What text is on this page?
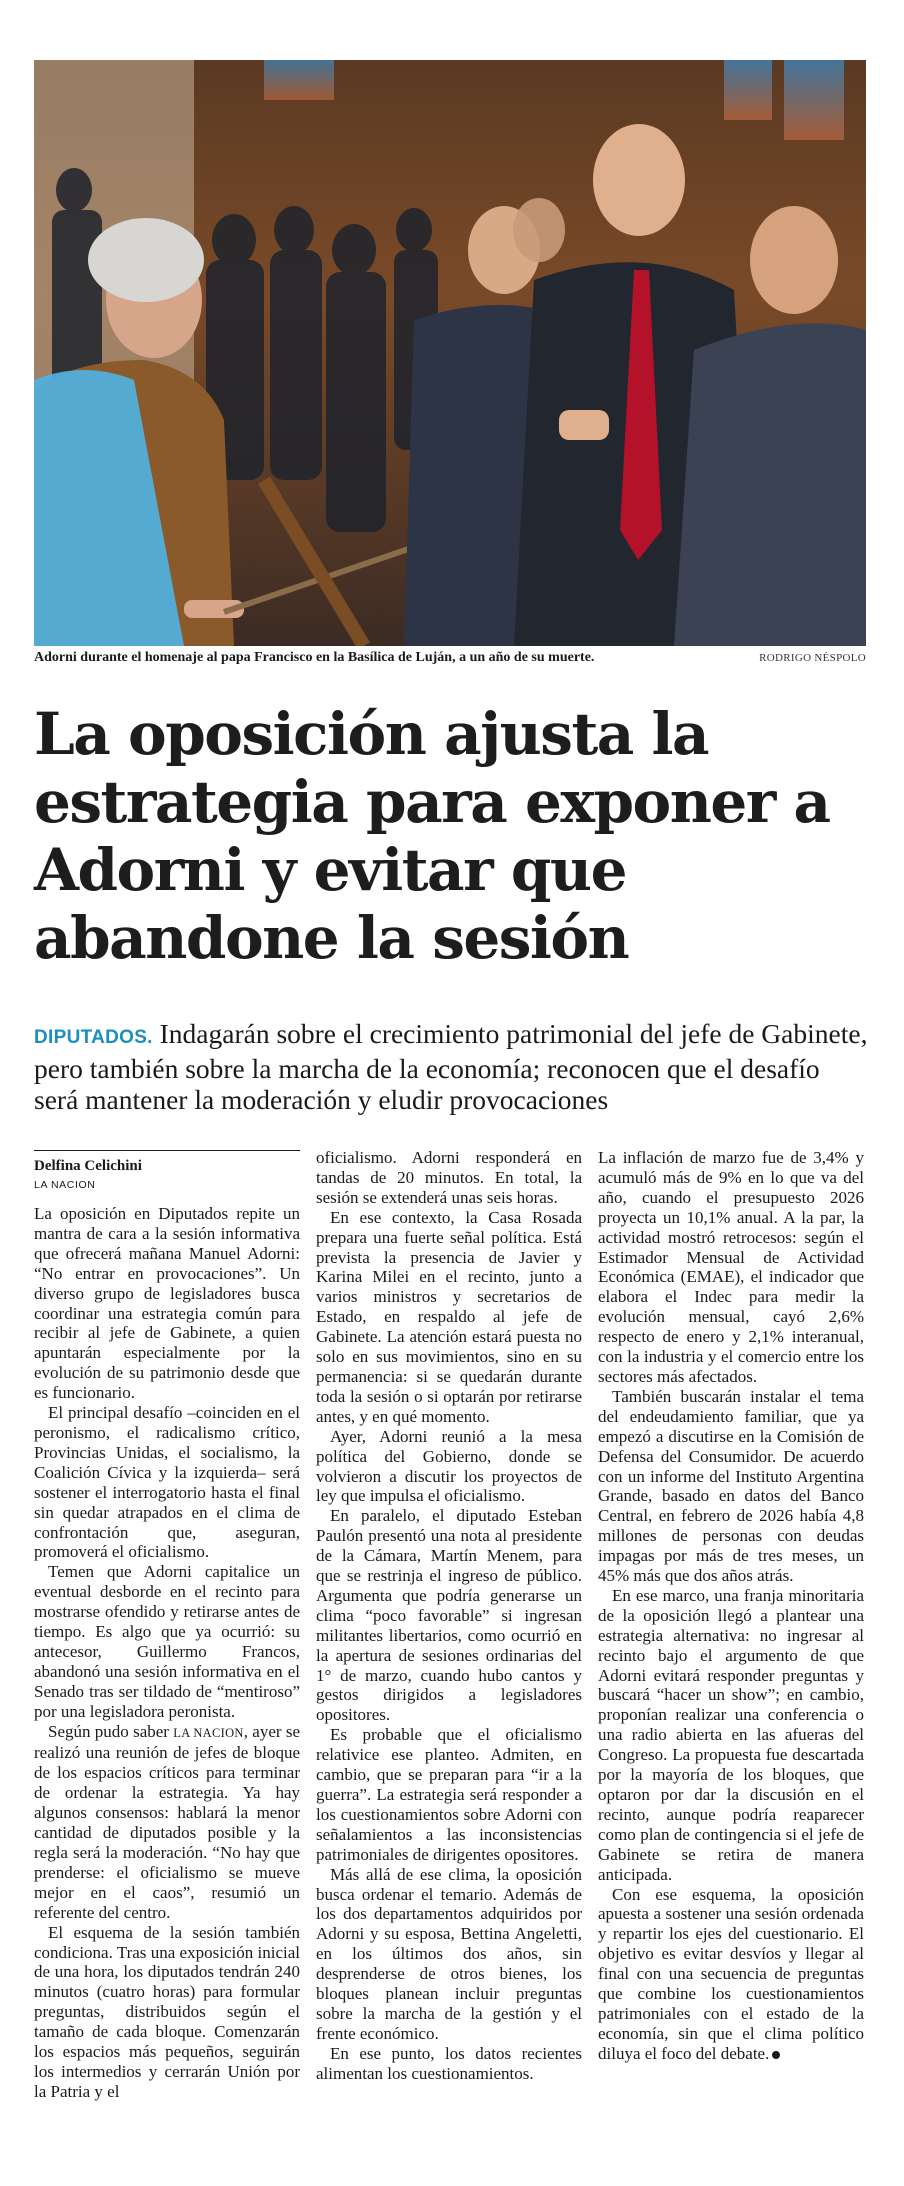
Adorni durante el homenaje al papa Francisco en la Basílica de Luján, a un año de su muerte.	RODRIGO NÉSPOLO
La oposición ajusta la estrategia para exponer a Adorni y evitar que abandone la sesión

DIPUTADOS. Indagarán sobre el crecimiento patrimonial del jefe de Gabinete, pero también sobre la marcha de la economía; reconocen que el desafío será mantener la moderación y eludir provocaciones

Delfina Celichini
LA NACION

La oposición en Diputados repite un mantra de cara a la sesión informativa que ofrecerá mañana Manuel Adorni: “No entrar en provocaciones”. Un diverso grupo de legisladores busca coordinar una estrategia común para recibir al jefe de Gabinete, a quien apuntarán especialmente por la evolución de su patrimonio desde que es funcionario.

El principal desafío –coinciden en el peronismo, el radicalismo crítico, Provincias Unidas, el socialismo, la Coalición Cívica y la izquierda– será sostener el interrogatorio hasta el final sin quedar atrapados en el clima de confrontación que, aseguran, promoverá el oficialismo.

Temen que Adorni capitalice un eventual desborde en el recinto para mostrarse ofendido y retirarse antes de tiempo. Es algo que ya ocurrió: su antecesor, Guillermo Francos, abandonó una sesión informativa en el Senado tras ser tildado de “mentiroso” por una legisladora peronista.

Según pudo saber LA NACION, ayer se realizó una reunión de jefes de bloque de los espacios críticos para terminar de ordenar la estrategia. Ya hay algunos consensos: hablará la menor cantidad de diputados posible y la regla será la moderación. “No hay que prenderse: el oficialismo se mueve mejor en el caos”, resumió un referente del centro.

El esquema de la sesión también condiciona. Tras una exposición inicial de una hora, los diputados tendrán 240 minutos (cuatro horas) para formular preguntas, distribuidos según el tamaño de cada bloque. Comenzarán los espacios más pequeños, seguirán los intermedios y cerrarán Unión por la Patria y el

oficialismo. Adorni responderá en tandas de 20 minutos. En total, la sesión se extenderá unas seis horas.

En ese contexto, la Casa Rosada prepara una fuerte señal política. Está prevista la presencia de Javier y Karina Milei en el recinto, junto a varios ministros y secretarios de Estado, en respaldo al jefe de Gabinete. La atención estará puesta no solo en sus movimientos, sino en su permanencia: si se quedarán durante toda la sesión o si optarán por retirarse antes, y en qué momento.

Ayer, Adorni reunió a la mesa política del Gobierno, donde se volvieron a discutir los proyectos de ley que impulsa el oficialismo.

En paralelo, el diputado Esteban Paulón presentó una nota al presidente de la Cámara, Martín Menem, para que se restrinja el ingreso de público. Argumenta que podría generarse un clima “poco favorable” si ingresan militantes libertarios, como ocurrió en la apertura de sesiones ordinarias del 1° de marzo, cuando hubo cantos y gestos dirigidos a legisladores opositores.

Es probable que el oficialismo relativice ese planteo. Admiten, en cambio, que se preparan para “ir a la guerra”. La estrategia será responder a los cuestionamientos sobre Adorni con señalamientos a las inconsistencias patrimoniales de dirigentes opositores.

Más allá de ese clima, la oposición busca ordenar el temario. Además de los dos departamentos adquiridos por Adorni y su esposa, Bettina Angeletti, en los últimos dos años, sin desprenderse de otros bienes, los bloques planean incluir preguntas sobre la marcha de la gestión y el frente económico.

En ese punto, los datos recientes alimentan los cuestionamientos.

La inflación de marzo fue de 3,4% y acumuló más de 9% en lo que va del año, cuando el presupuesto 2026 proyecta un 10,1% anual. A la par, la actividad mostró retrocesos: según el Estimador Mensual de Actividad Económica (EMAE), el indicador que elabora el Indec para medir la evolución mensual, cayó 2,6% respecto de enero y 2,1% interanual, con la industria y el comercio entre los sectores más afectados.

También buscarán instalar el tema del endeudamiento familiar, que ya empezó a discutirse en la Comisión de Defensa del Consumidor. De acuerdo con un informe del Instituto Argentina Grande, basado en datos del Banco Central, en febrero de 2026 había 4,8 millones de personas con deudas impagas por más de tres meses, un 45% más que dos años atrás.

En ese marco, una franja minoritaria de la oposición llegó a plantear una estrategia alternativa: no ingresar al recinto bajo el argumento de que Adorni evitará responder preguntas y buscará “hacer un show”; en cambio, proponían realizar una conferencia o una radio abierta en las afueras del Congreso. La propuesta fue descartada por la mayoría de los bloques, que optaron por dar la discusión en el recinto, aunque podría reaparecer como plan de contingencia si el jefe de Gabinete se retira de manera anticipada.

Con ese esquema, la oposición apuesta a sostener una sesión ordenada y repartir los ejes del cuestionario. El objetivo es evitar desvíos y llegar al final con una secuencia de preguntas que combine los cuestionamientos patrimoniales con el estado de la economía, sin que el clima político diluya el foco del debate.
